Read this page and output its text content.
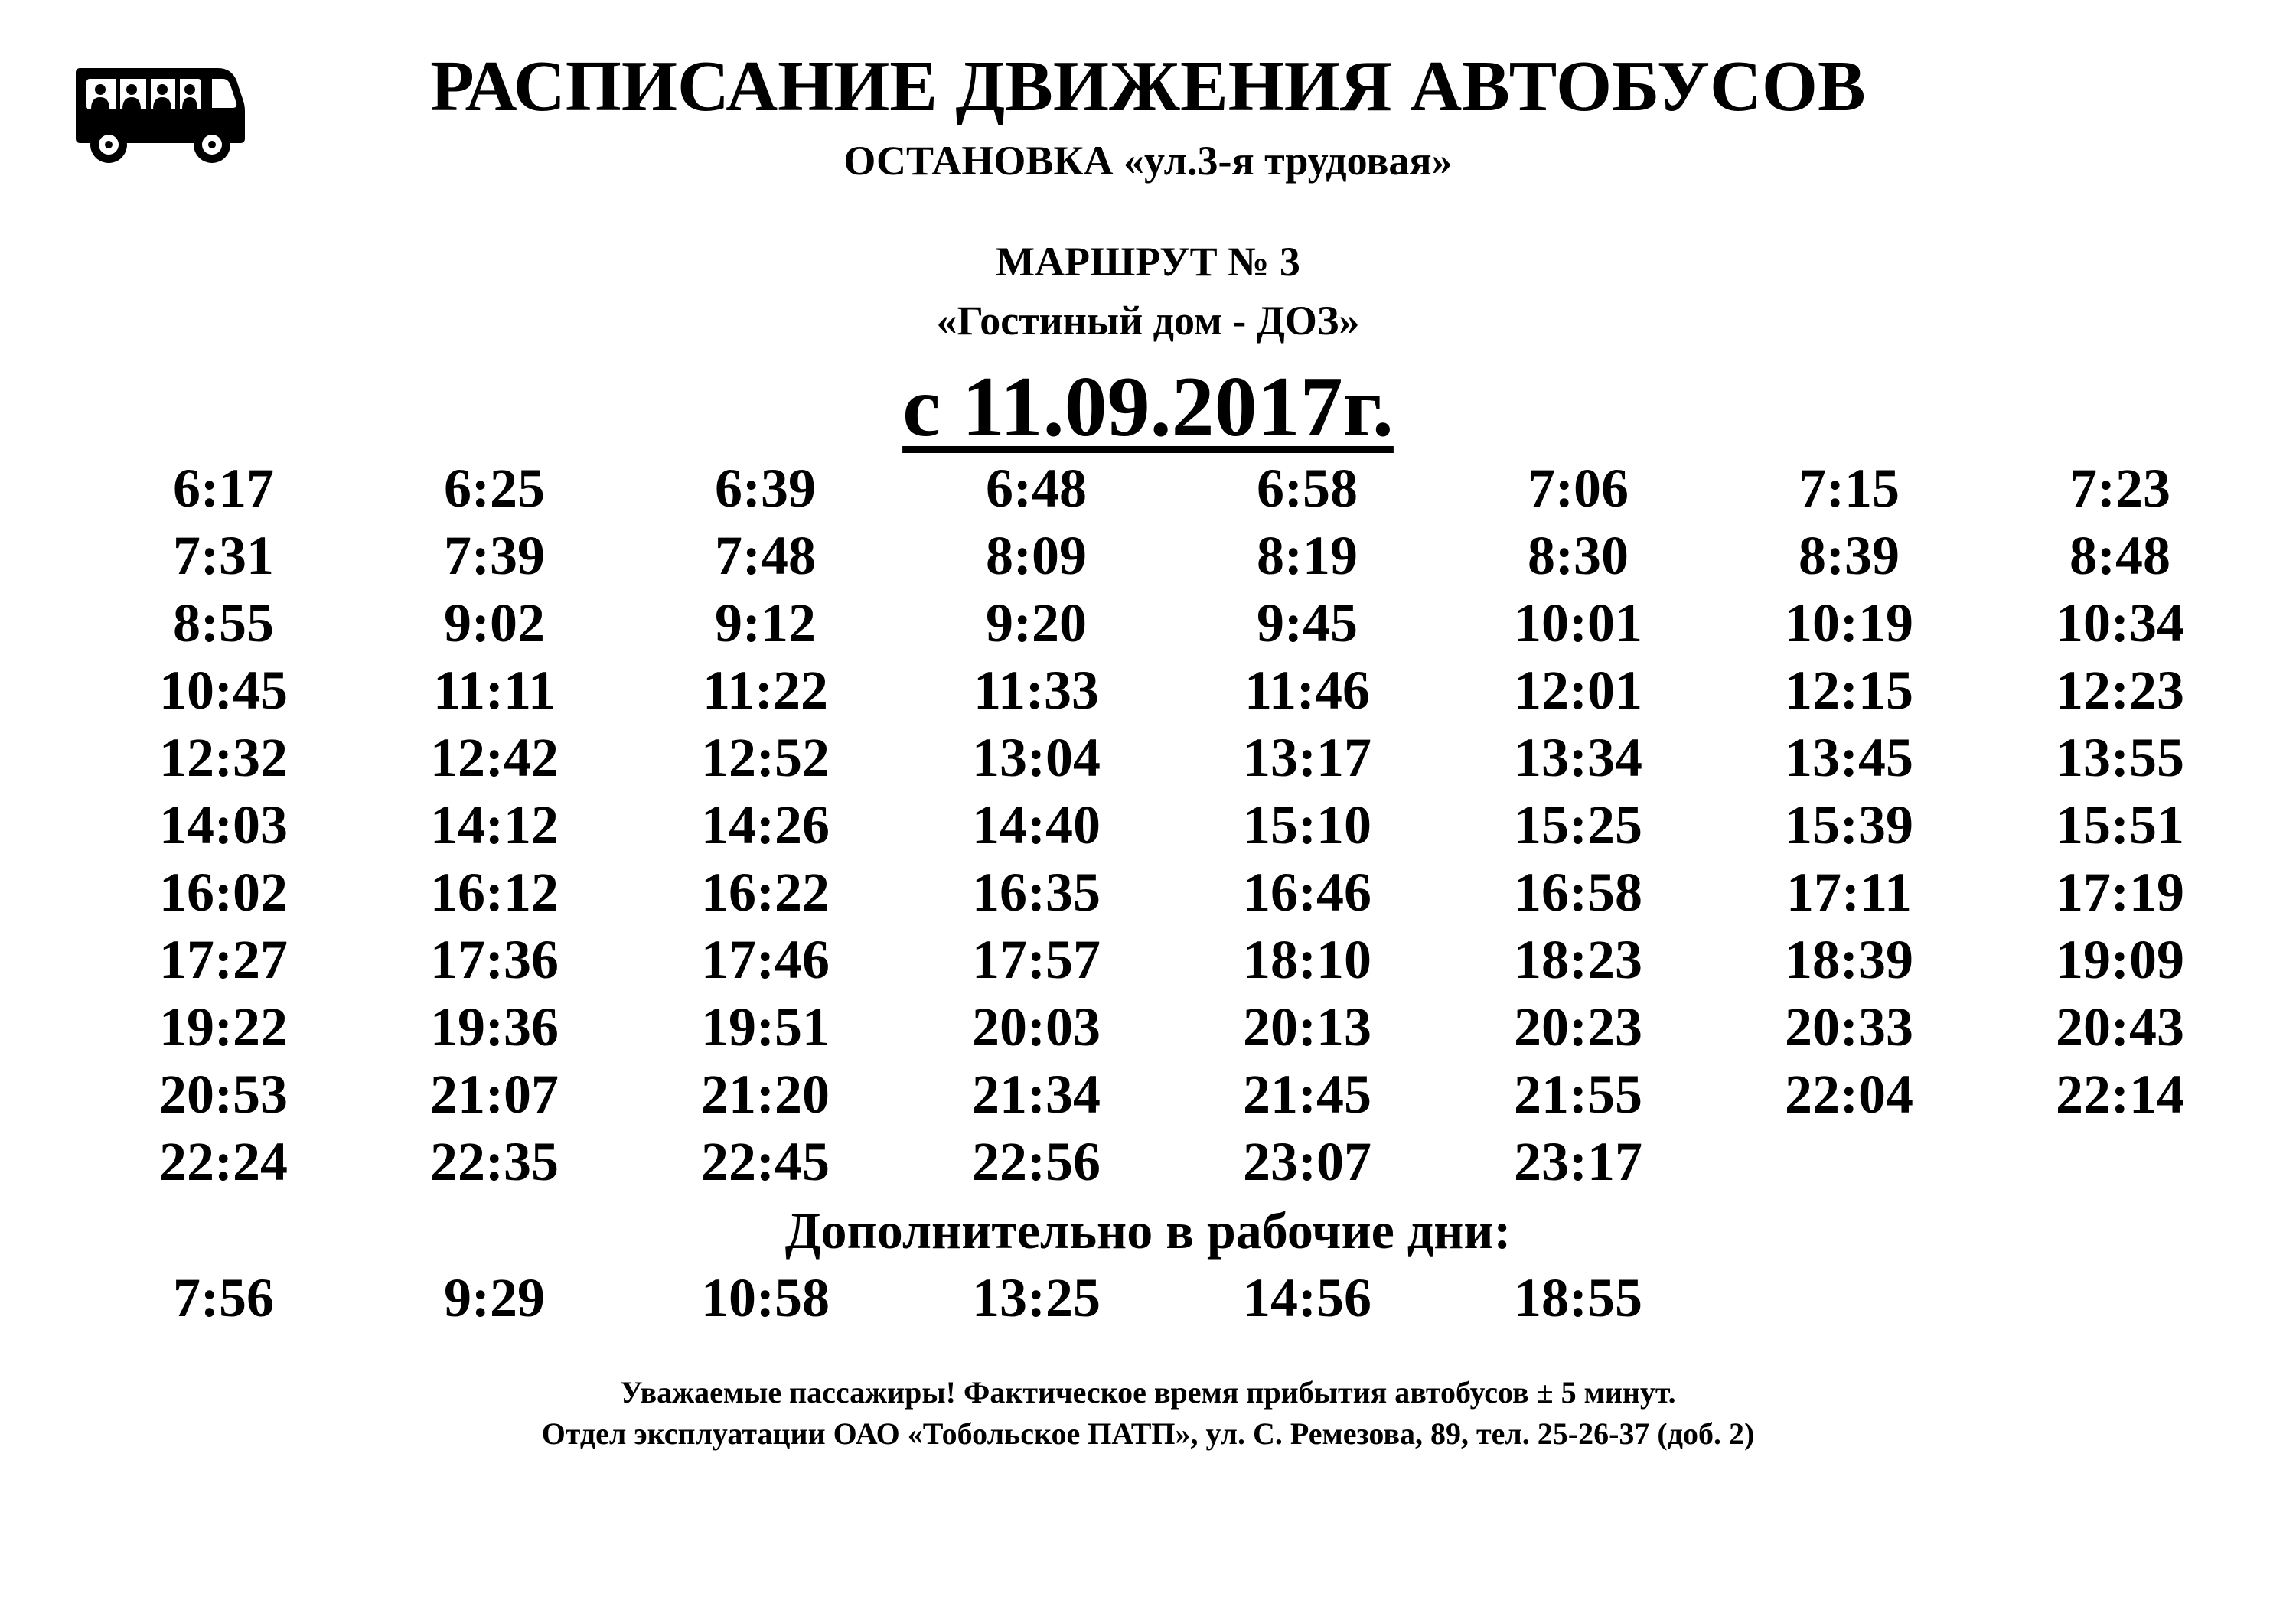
РАСПИСАНИЕ ДВИЖЕНИЯ АВТОБУСОВ
ОСТАНОВКА «ул.3-я трудовая»
МАРШРУТ № 3
«Гостиный дом - ДОЗ»
с 11.09.2017г.
6:17	6:25	6:39	6:48	6:58	7:06	7:15	7:23
7:31	7:39	7:48	8:09	8:19	8:30	8:39	8:48
8:55	9:02	9:12	9:20	9:45	10:01	10:19	10:34
10:45	11:11	11:22	11:33	11:46	12:01	12:15	12:23
12:32	12:42	12:52	13:04	13:17	13:34	13:45	13:55
14:03	14:12	14:26	14:40	15:10	15:25	15:39	15:51
16:02	16:12	16:22	16:35	16:46	16:58	17:11	17:19
17:27	17:36	17:46	17:57	18:10	18:23	18:39	19:09
19:22	19:36	19:51	20:03	20:13	20:23	20:33	20:43
20:53	21:07	21:20	21:34	21:45	21:55	22:04	22:14
22:24	22:35	22:45	22:56	23:07	23:17
Дополнительно в рабочие дни:
7:56	9:29	10:58	13:25	14:56	18:55
Уважаемые пассажиры! Фактическое время прибытия автобусов ± 5 минут.
Отдел эксплуатации ОАО «Тобольское ПАТП», ул. С. Ремезова, 89, тел. 25-26-37 (доб. 2)
